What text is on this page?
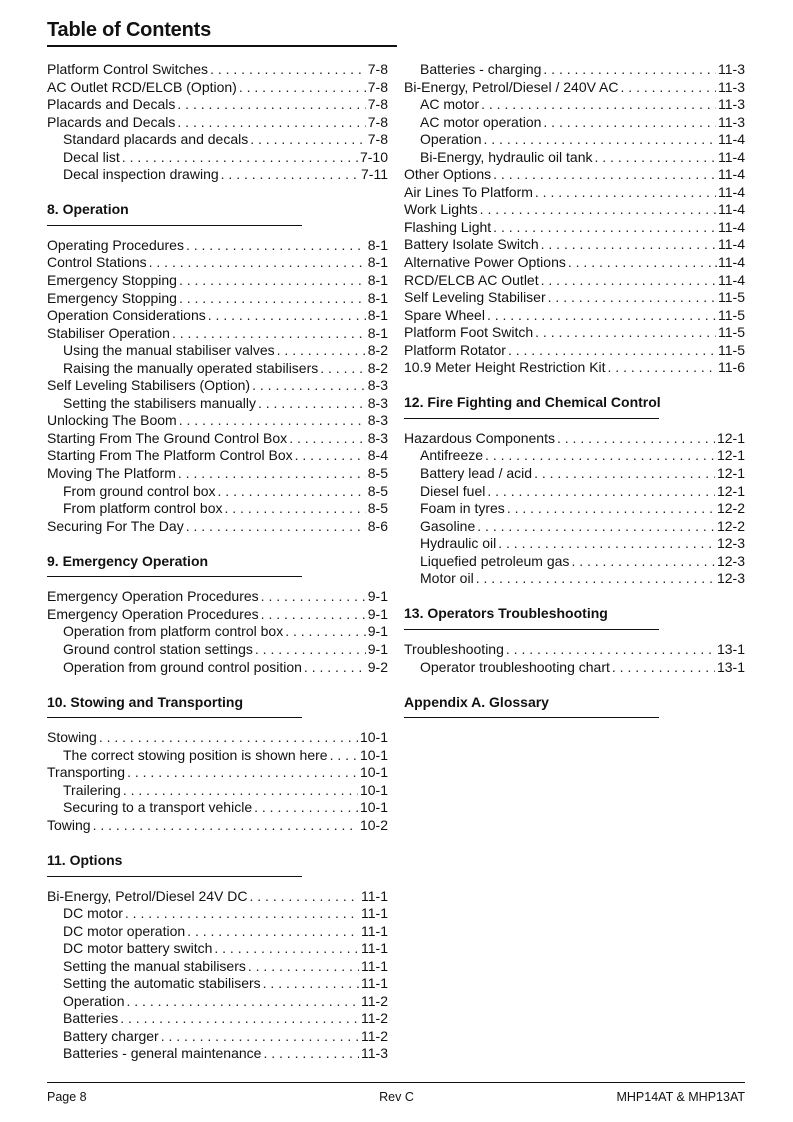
Table of Contents
Platform Control Switches . . .	7-8
AC Outlet RCD/ELCB (Option) . . .	7-8
Placards and Decals . . .	7-8
Placards and Decals . . .	7-8
Standard placards and decals . . .	7-8
Decal list . . .	7-10
Decal inspection drawing . . .	7-11
8. Operation
Operating Procedures . . .	8-1
Control Stations . . .	8-1
Emergency Stopping . . .	8-1
Emergency Stopping . . .	8-1
Operation Considerations . . .	8-1
Stabiliser Operation . . .	8-1
Using the manual stabiliser valves . . .	8-2
Raising the manually operated stabilisers . . .	8-2
Self Leveling Stabilisers (Option) . . .	8-3
Setting the stabilisers manually . . .	8-3
Unlocking The Boom . . .	8-3
Starting From The Ground Control Box . . .	8-3
Starting From The Platform Control Box . . .	8-4
Moving The Platform . . .	8-5
From ground control box . . .	8-5
From platform control box . . .	8-5
Securing For The Day . . .	8-6
9. Emergency Operation
Emergency Operation Procedures . . .	9-1
Emergency Operation Procedures . . .	9-1
Operation from platform control box . . .	9-1
Ground control station settings . . .	9-1
Operation from ground control position . . .	9-2
10. Stowing and Transporting
Stowing . . .	10-1
The correct stowing position is shown here . . . 10-1
Transporting . . .	10-1
Trailering . . .	10-1
Securing to a transport vehicle . . .	10-1
Towing . . .	10-2
11. Options
Bi-Energy, Petrol/Diesel 24V DC . . .	11-1
DC motor . . .	11-1
DC motor operation . . .	11-1
DC motor battery switch . . .	11-1
Setting the manual stabilisers . . .	11-1
Setting the automatic stabilisers . . .	11-1
Operation . . .	11-2
Batteries . . .	11-2
Battery charger . . .	11-2
Batteries - general maintenance . . .	11-3
Batteries - charging . . .	11-3
Bi-Energy, Petrol/Diesel / 240V AC . . .	11-3
AC motor . . .	11-3
AC motor operation . . .	11-3
Operation . . .	11-4
Bi-Energy, hydraulic oil tank . . .	11-4
Other Options . . .	11-4
Air Lines To Platform . . .	11-4
Work Lights . . .	11-4
Flashing Light . . .	11-4
Battery Isolate Switch . . .	11-4
Alternative Power Options . . .	.11-4
RCD/ELCB AC Outlet . . .	11-4
Self Leveling Stabiliser . . .	11-5
Spare Wheel . . .	11-5
Platform Foot Switch . . .	11-5
Platform Rotator . . .	11-5
10.9 Meter Height Restriction Kit . . .	11-6
12. Fire Fighting and Chemical Control
Hazardous Components . . .	12-1
Antifreeze . . .	12-1
Battery lead / acid . . .	12-1
Diesel fuel . . .	12-1
Foam in tyres . . .	12-2
Gasoline . . .	12-2
Hydraulic oil . . .	12-3
Liquefied petroleum gas . . .	12-3
Motor oil . . .	12-3
13. Operators Troubleshooting
Troubleshooting . . .	13-1
Operator troubleshooting chart . . .	13-1
Appendix A. Glossary
Page 8	Rev C	MHP14AT & MHP13AT
